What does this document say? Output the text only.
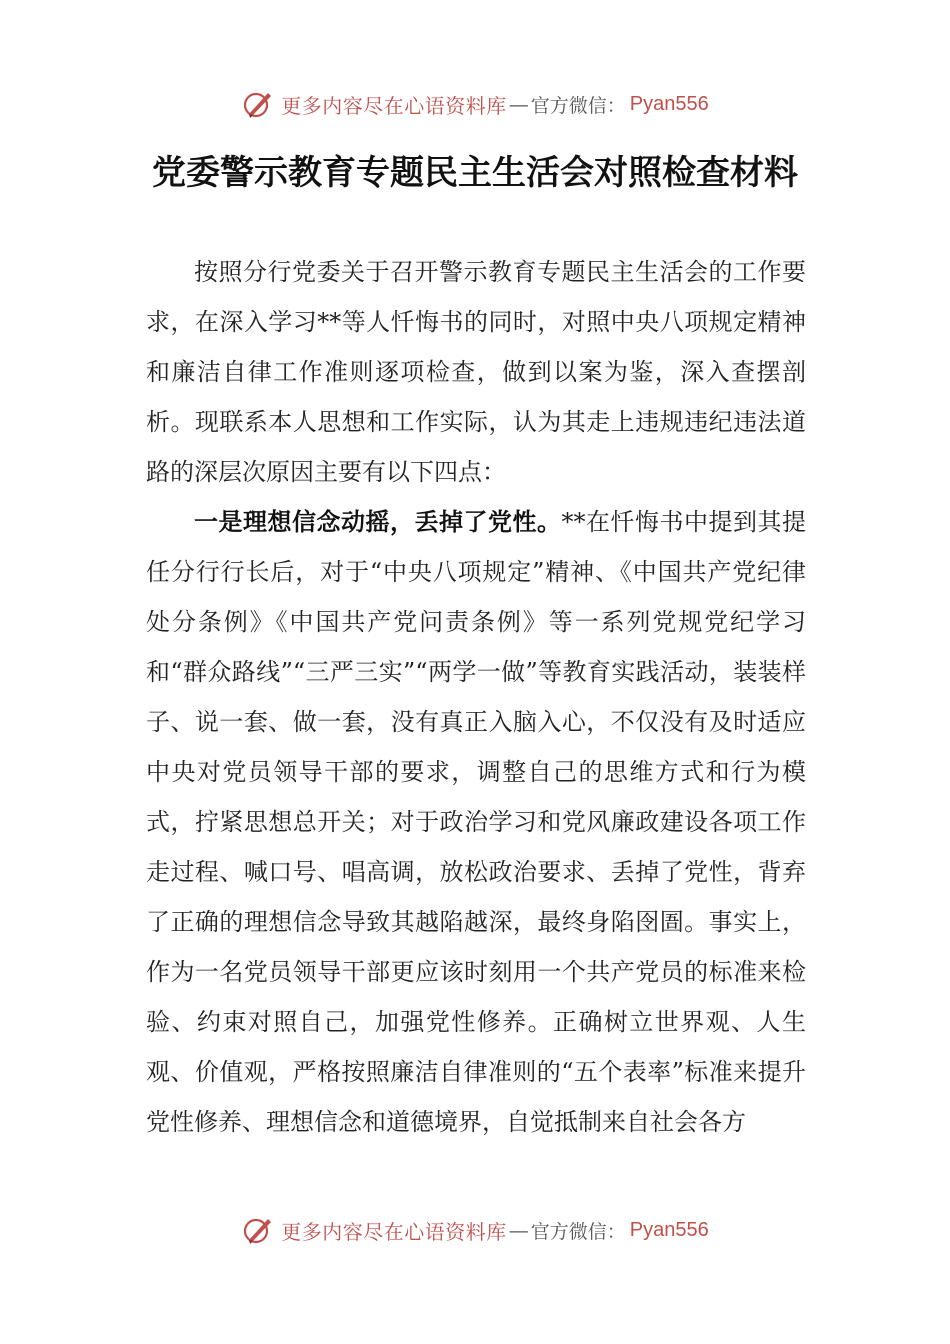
更多内容尽在心语资料库 — 官方微信： Pyan556
党委警示教育专题民主生活会对照检查材料

按照分行党委关于召开警示教育专题民主生活会的工作要求，在深入学习**等人忏悔书的同时，对照中央八项规定精神和廉洁自律工作准则逐项检查，做到以案为鉴，深入查摆剖析。现联系本人思想和工作实际，认为其走上违规违纪违法道路的深层次原因主要有以下四点：

一是理想信念动摇，丢掉了党性。**在忏悔书中提到其提任分行行长后，对于“中央八项规定”精神、《中国共产党纪律处分条例》《中国共产党问责条例》等一系列党规党纪学习和“群众路线”“三严三实”“两学一做”等教育实践活动，装装样子、说一套、做一套，没有真正入脑入心，不仅没有及时适应中央对党员领导干部的要求，调整自己的思维方式和行为模式，拧紧思想总开关；对于政治学习和党风廉政建设各项工作走过程、喊口号、唱高调，放松政治要求、丢掉了党性，背弃了正确的理想信念导致其越陷越深，最终身陷囹圄。事实上，作为一名党员领导干部更应该时刻用一个共产党员的标准来检验、约束对照自己，加强党性修养。正确树立世界观、人生观、价值观，严格按照廉洁自律准则的“五个表率”标准来提升党性修养、理想信念和道德境界，自觉抵制来自社会各方

更多内容尽在心语资料库 — 官方微信： Pyan556
